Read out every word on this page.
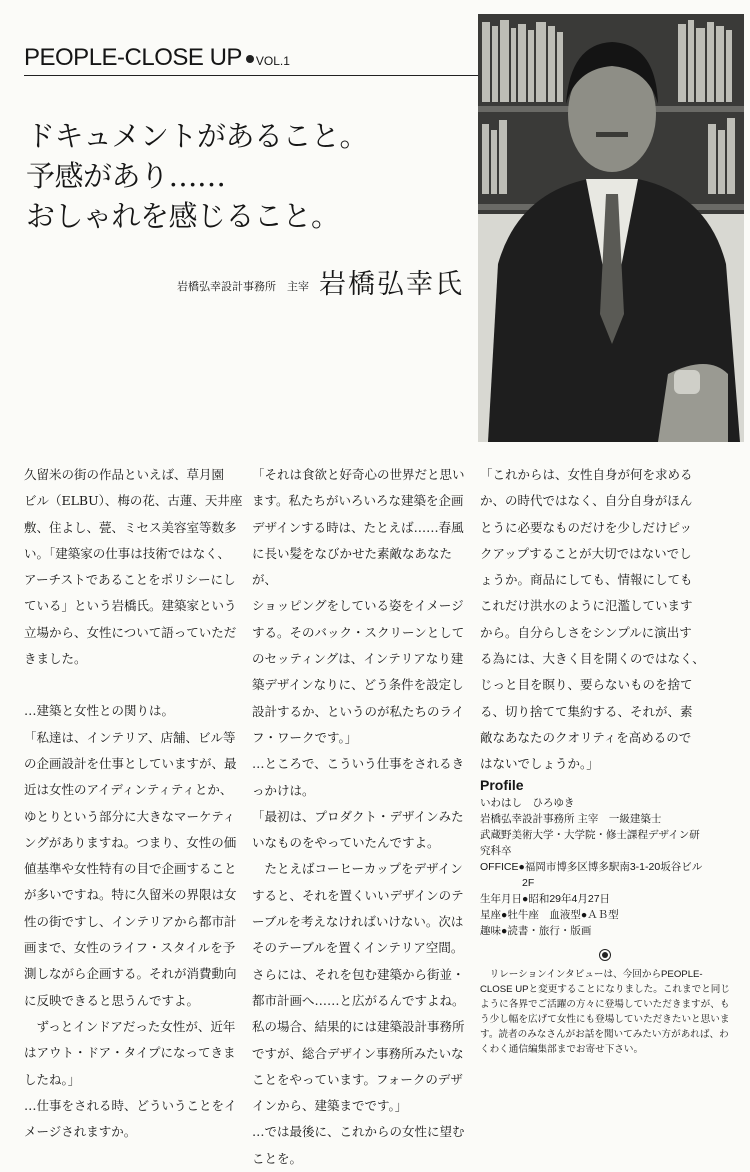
PEOPLE-CLOSE UP VOL.1
ドキュメントがあること。
予感があり……
おしゃれを感じること。
岩橋弘幸設計事務所　主宰 岩橋弘幸氏

久留米の街の作品といえば、草月園

ビル（ELBU）、梅の花、古蓮、天井座

敷、住よし、甍、ミセス美容室等数多

い。「建築家の仕事は技術ではなく、

アーチストであることをポリシーにし

ている」という岩橋氏。建築家という

立場から、女性について語っていただ

きました。

…建築と女性との関りは。

「私達は、インテリア、店舗、ビル等

の企画設計を仕事としていますが、最

近は女性のアイディンティティとか、

ゆとりという部分に大きなマーケティ

ングがありますね。つまり、女性の価

値基準や女性特有の目で企画すること

が多いですね。特に久留米の界限は女

性の街ですし、インテリアから都市計

画まで、女性のライフ・スタイルを予

測しながら企画する。それが消費動向

に反映できると思うんですよ。

　ずっとインドアだった女性が、近年

はアウト・ドア・タイプになってきま

したね。」

…仕事をされる時、どういうことをイ

メージされますか。

「それは食欲と好奇心の世界だと思い

ます。私たちがいろいろな建築を企画

デザインする時は、たとえば……春風

に長い髪をなびかせた素敵なあなたが、

ショッピングをしている姿をイメージ

する。そのバック・スクリーンとして

のセッティングは、インテリアなり建

築デザインなりに、どう条件を設定し

設計するか、というのが私たちのライ

フ・ワークです。」

…ところで、こういう仕事をされるき

っかけは。

「最初は、プロダクト・デザインみた

いなものをやっていたんですよ。

　たとえばコーヒーカップをデザイン

すると、それを置くいいデザインのテ

ーブルを考えなければいけない。次は

そのテーブルを置くインテリア空間。

さらには、それを包む建築から街並・

都市計画へ……と広がるんですよね。

私の場合、結果的には建築設計事務所

ですが、総合デザイン事務所みたいな

ことをやっています。フォークのデザ

インから、建築までです。」

…では最後に、これからの女性に望む

ことを。

「これからは、女性自身が何を求める

か、の時代ではなく、自分自身がほん

とうに必要なものだけを少しだけピッ

クアップすることが大切ではないでし

ょうか。商品にしても、情報にしても

これだけ洪水のように氾濫しています

から。自分らしさをシンプルに演出す

る為には、大きく目を開くのではなく、

じっと目を瞑り、要らないものを捨て

る、切り捨てて集約する、それが、素

敵なあなたのクオリティを高めるので

はないでしょうか。」

Profile
いわはし　ひろゆき
岩橋弘幸設計事務所 主宰　一級建築士
武蔵野美術大学・大学院・修士課程デザイン研
究科卒
OFFICE●福岡市博多区博多駅南3-1-20坂谷ビル
　　　　2F
生年月日●昭和29年4月27日
星座●牡牛座　血液型●ＡＢ型
趣味●読書・旅行・版画
リレーションインタビューは、今回からPEOPLE-CLOSE UPと変更することになりました。これまでと同じように各界でご活躍の方々に登場していただきますが、もう少し幅を広げて女性にも登場していただきたいと思います。読者のみなさんがお話を聞いてみたい方があれば、わくわく通信編集部までお寄せ下さい。
